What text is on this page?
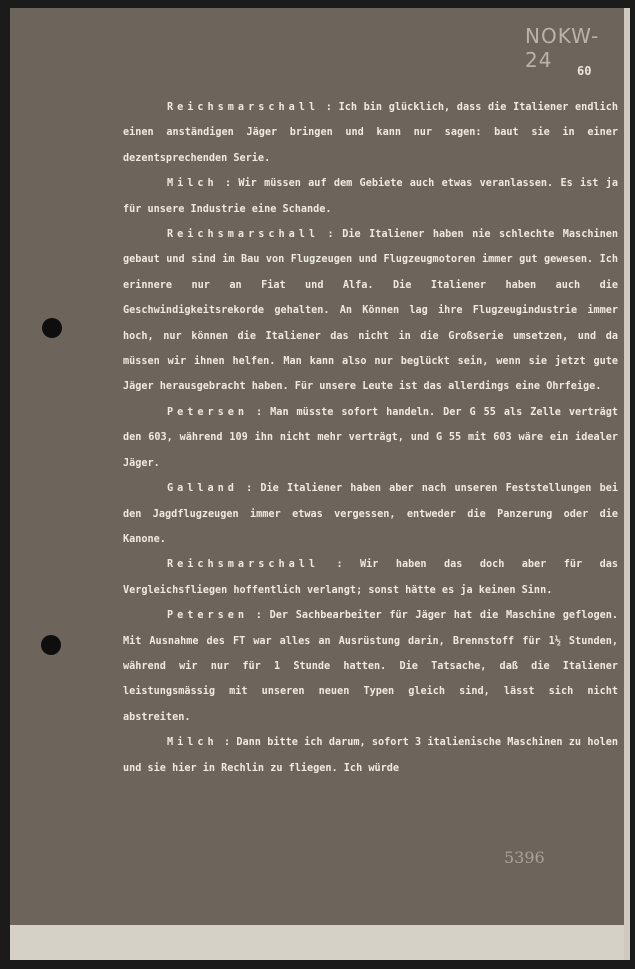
NOKW-24	60

Reichsmarschall : Ich bin glücklich, dass die Italiener endlich einen anständigen Jäger bringen und kann nur sagen: baut sie in einer dezentsprechenden Serie.

Milch : Wir müssen auf dem Gebiete auch etwas veranlassen. Es ist ja für unsere Industrie eine Schande.

Reichsmarschall : Die Italiener haben nie schlechte Maschinen gebaut und sind im Bau von Flugzeugen und Flugzeugmotoren immer gut gewesen. Ich erinnere nur an Fiat und Alfa. Die Italiener haben auch die Geschwindigkeitsrekorde gehalten. An Können lag ihre Flugzeugindustrie immer hoch, nur können die Italiener das nicht in die Großserie umsetzen, und da müssen wir ihnen helfen. Man kann also nur beglückt sein, wenn sie jetzt gute Jäger herausgebracht haben. Für unsere Leute ist das allerdings eine Ohrfeige.

Petersen : Man müsste sofort handeln. Der G 55 als Zelle verträgt den 603, während 109 ihn nicht mehr verträgt, und G 55 mit 603 wäre ein idealer Jäger.

Galland : Die Italiener haben aber nach unseren Feststellungen bei den Jagdflugzeugen immer etwas vergessen, entweder die Panzerung oder die Kanone.

Reichsmarschall : Wir haben das doch aber für das Vergleichsfliegen hoffentlich verlangt; sonst hätte es ja keinen Sinn.

Petersen : Der Sachbearbeiter für Jäger hat die Maschine geflogen. Mit Ausnahme des FT war alles an Ausrüstung darin, Brennstoff für 1½ Stunden, während wir nur für 1 Stunde hatten. Die Tatsache, daß die Italiener leistungsmässig mit unseren neuen Typen gleich sind, lässt sich nicht abstreiten.

Milch : Dann bitte ich darum, sofort 3 italienische Maschinen zu holen und sie hier in Rechlin zu fliegen. Ich würde

5396
